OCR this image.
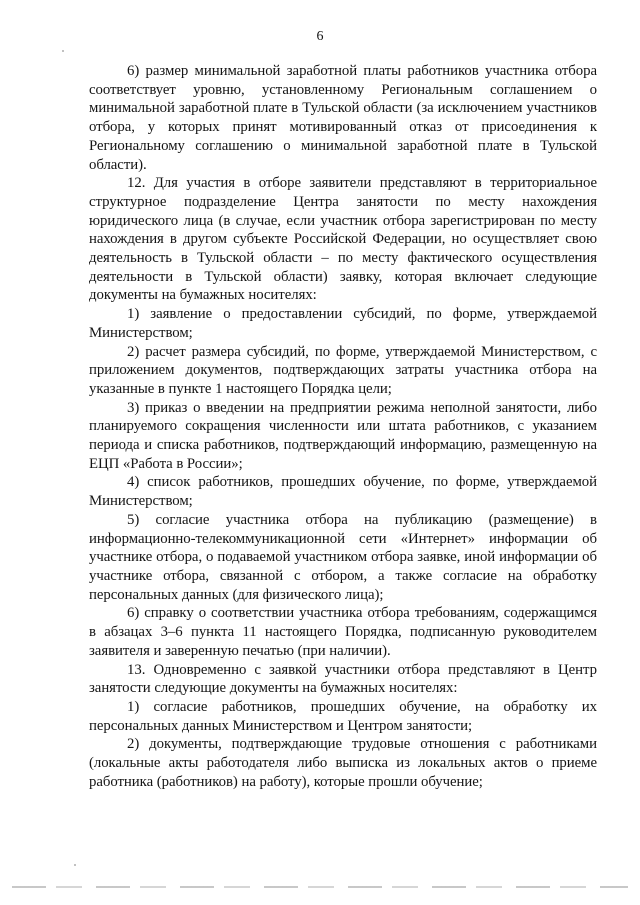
6

6) размер минимальной заработной платы работников участника отбора соответствует уровню, установленному Региональным соглашением о минимальной заработной плате в Тульской области (за исключением участников отбора, у которых принят мотивированный отказ от присоединения к Региональному соглашению о минимальной заработной плате в Тульской области).

12. Для участия в отборе заявители представляют в территориальное структурное подразделение Центра занятости по месту нахождения юридического лица (в случае, если участник отбора зарегистрирован по месту нахождения в другом субъекте Российской Федерации, но осуществляет свою деятельность в Тульской области – по месту фактического осуществления деятельности в Тульской области) заявку, которая включает следующие документы на бумажных носителях:

1) заявление о предоставлении субсидий, по форме, утверждаемой Министерством;

2) расчет размера субсидий, по форме, утверждаемой Министерством, с приложением документов, подтверждающих затраты участника отбора на указанные в пункте 1 настоящего Порядка цели;

3) приказ о введении на предприятии режима неполной занятости, либо планируемого сокращения численности или штата работников, с указанием периода и списка работников, подтверждающий информацию, размещенную на ЕЦП «Работа в России»;

4) список работников, прошедших обучение, по форме, утверждаемой Министерством;

5) согласие участника отбора на публикацию (размещение) в информационно-телекоммуникационной сети «Интернет» информации об участнике отбора, о подаваемой участником отбора заявке, иной информации об участнике отбора, связанной с отбором, а также согласие на обработку персональных данных (для физического лица);

6) справку о соответствии участника отбора требованиям, содержащимся в абзацах 3–6 пункта 11 настоящего Порядка, подписанную руководителем заявителя и заверенную печатью (при наличии).

13. Одновременно с заявкой участники отбора представляют в Центр занятости следующие документы на бумажных носителях:

1) согласие работников, прошедших обучение, на обработку их персональных данных Министерством и Центром занятости;

2) документы, подтверждающие трудовые отношения с работниками (локальные акты работодателя либо выписка из локальных актов о приеме работника (работников) на работу), которые прошли обучение;
